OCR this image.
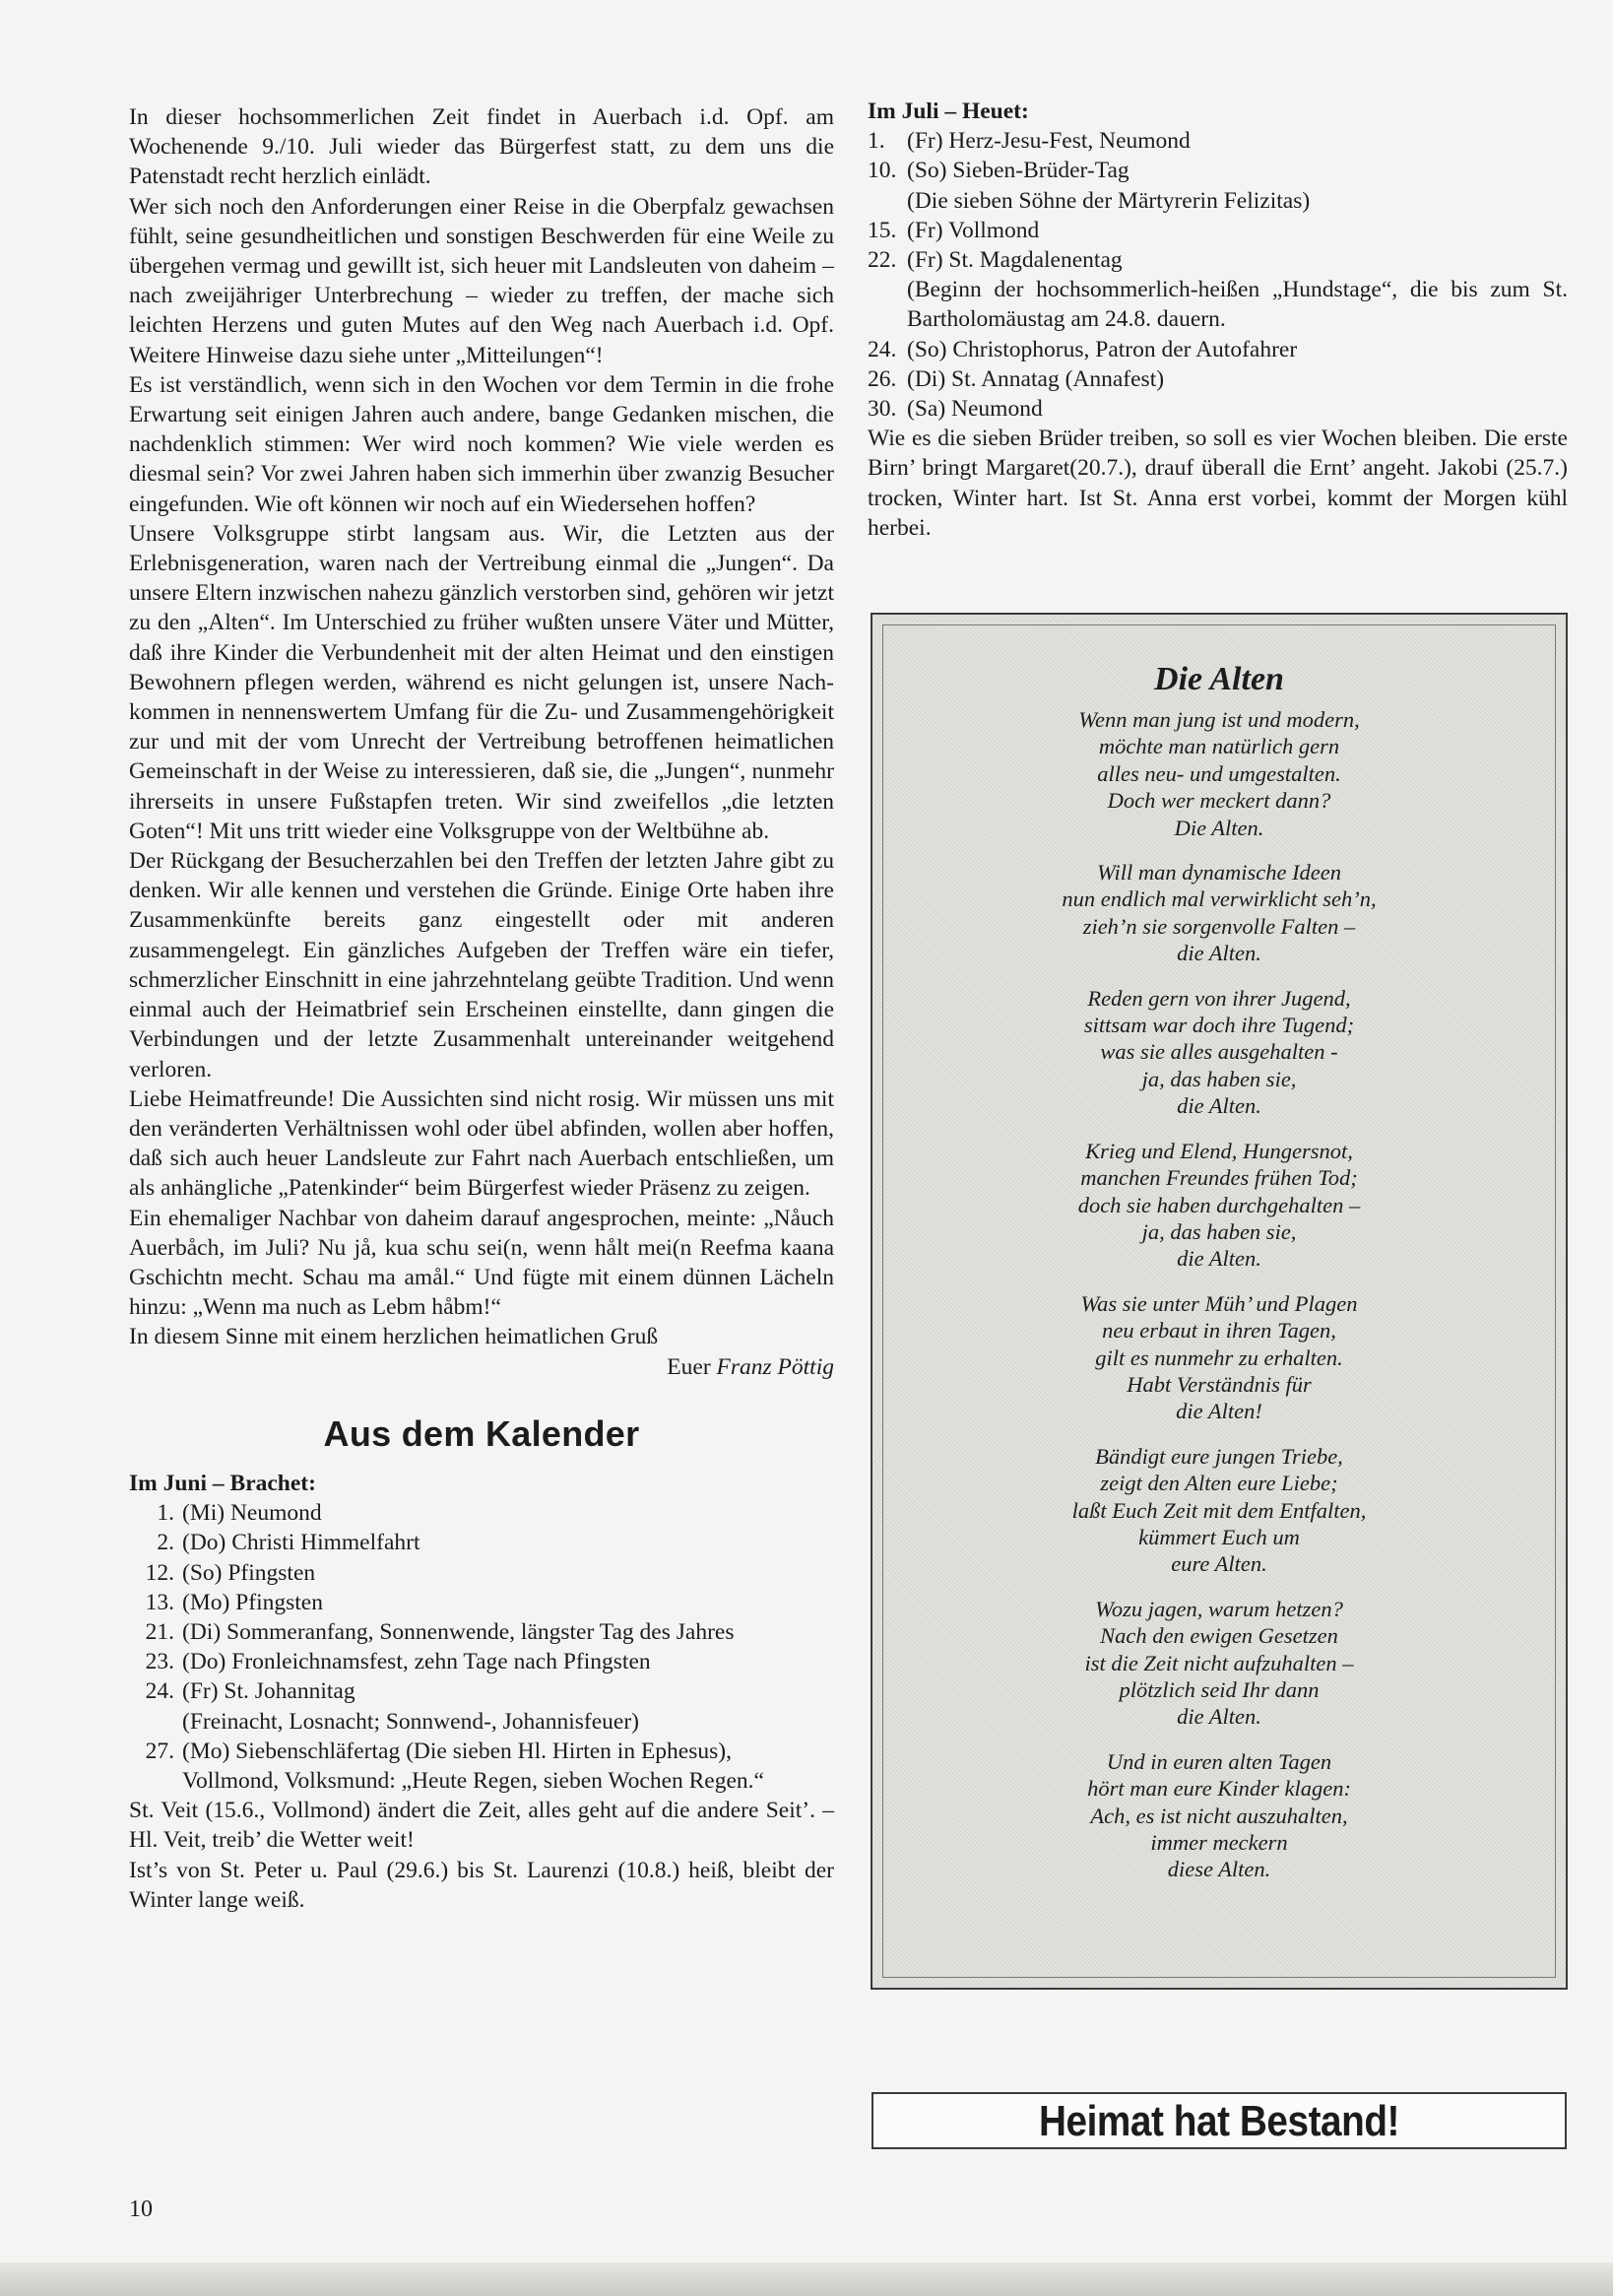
In dieser hochsommerlichen Zeit findet in Auerbach i.d. Opf. am Wochenende 9./10. Juli wieder das Bürgerfest statt, zu dem uns die Patenstadt recht herzlich einlädt.

Wer sich noch den Anforderungen einer Reise in die Oberpfalz gewachsen fühlt, seine gesundheitlichen und sonstigen Beschwerden für eine Weile zu übergehen vermag und gewillt ist, sich heuer mit Landsleuten von daheim – nach zweijähriger Unterbrechung – wieder zu treffen, der mache sich leichten Herzens und guten Mutes auf den Weg nach Auerbach i.d. Opf. Weitere Hinweise dazu siehe unter „Mitteilungen“!

Es ist verständlich, wenn sich in den Wochen vor dem Termin in die frohe Erwartung seit einigen Jahren auch andere, bange Gedanken mischen, die nachdenklich stimmen: Wer wird noch kommen? Wie viele werden es diesmal sein? Vor zwei Jahren haben sich immerhin über zwanzig Besucher eingefunden. Wie oft können wir noch auf ein Wiedersehen hoffen?

Unsere Volksgruppe stirbt langsam aus. Wir, die Letzten aus der Erlebnisgeneration, waren nach der Vertreibung einmal die „Jungen“. Da unsere Eltern inzwischen nahezu gänzlich verstorben sind, gehören wir jetzt zu den „Alten“. Im Unterschied zu früher wußten unsere Väter und Mütter, daß ihre Kinder die Verbundenheit mit der alten Heimat und den einstigen Bewohnern pflegen werden, während es nicht gelungen ist, unsere Nachkommen in nennenswertem Umfang für die Zu- und Zusammengehörigkeit zur und mit der vom Unrecht der Vertreibung betroffenen heimatlichen Gemeinschaft in der Weise zu interessieren, daß sie, die „Jungen“, nunmehr ihrerseits in unsere Fußstapfen treten. Wir sind zweifellos „die letzten Goten“! Mit uns tritt wieder eine Volksgruppe von der Weltbühne ab.

Der Rückgang der Besucherzahlen bei den Treffen der letzten Jahre gibt zu denken. Wir alle kennen und verstehen die Gründe. Einige Orte haben ihre Zusammenkünfte bereits ganz eingestellt oder mit anderen zusammengelegt. Ein gänzliches Aufgeben der Treffen wäre ein tiefer, schmerzlicher Einschnitt in eine jahrzehntelang geübte Tradition. Und wenn einmal auch der Heimatbrief sein Erscheinen einstellte, dann gingen die Verbindungen und der letzte Zusammenhalt untereinander weitgehend verloren.

Liebe Heimatfreunde! Die Aussichten sind nicht rosig. Wir müssen uns mit den veränderten Verhältnissen wohl oder übel abfinden, wollen aber hoffen, daß sich auch heuer Landsleute zur Fahrt nach Auerbach entschließen, um als anhängliche „Patenkinder“ beim Bürgerfest wieder Präsenz zu zeigen.

Ein ehemaliger Nachbar von daheim darauf angesprochen, meinte: „Nåuch Auerbåch, im Juli? Nu jå, kua schu sei(n, wenn hålt mei(n Reefma kaana Gschichtn mecht. Schau ma amål.“ Und fügte mit einem dünnen Lächeln hinzu: „Wenn ma nuch as Lebm håbm!“

In diesem Sinne mit einem herzlichen heimatlichen Gruß

Euer Franz Pöttig

Aus dem Kalender

Im Juni – Brachet:

1. (Mi) Neumond
2. (Do) Christi Himmelfahrt
12. (So) Pfingsten
13. (Mo) Pfingsten
21. (Di) Sommeranfang, Sonnenwende, längster Tag des Jahres
23. (Do) Fronleichnamsfest, zehn Tage nach Pfingsten
24. (Fr) St. Johannitag
(Freinacht, Losnacht; Sonnwend-, Johannisfeuer)
27. (Mo) Siebenschläfertag (Die sieben Hl. Hirten in Ephesus),
Vollmond, Volksmund: „Heute Regen, sieben Wochen Regen.“

St. Veit (15.6., Vollmond) ändert die Zeit, alles geht auf die andere Seit’. – Hl. Veit, treib’ die Wetter weit!

Ist’s von St. Peter u. Paul (29.6.) bis St. Laurenzi (10.8.) heiß, bleibt der Winter lange weiß.

Im Juli – Heuet:

1. (Fr) Herz-Jesu-Fest, Neumond
10. (So) Sieben-Brüder-Tag
(Die sieben Söhne der Märtyrerin Felizitas)
15. (Fr) Vollmond
22. (Fr) St. Magdalenentag
(Beginn der hochsommerlich-heißen „Hundstage“, die bis zum St. Bartholomäustag am 24.8. dauern.
24. (So) Christophorus, Patron der Autofahrer
26. (Di) St. Annatag (Annafest)
30. (Sa) Neumond

Wie es die sieben Brüder treiben, so soll es vier Wochen bleiben. Die erste Birn’ bringt Margaret(20.7.), drauf überall die Ernt’ angeht. Jakobi (25.7.) trocken, Winter hart. Ist St. Anna erst vorbei, kommt der Morgen kühl herbei.

Die Alten
Wenn man jung ist und modern,
möchte man natürlich gern
alles neu- und umgestalten.
Doch wer meckert dann?
Die Alten.
Will man dynamische Ideen
nun endlich mal verwirklicht seh’n,
zieh’n sie sorgenvolle Falten –
die Alten.
Reden gern von ihrer Jugend,
sittsam war doch ihre Tugend;
was sie alles ausgehalten -
ja, das haben sie,
die Alten.
Krieg und Elend, Hungersnot,
manchen Freundes frühen Tod;
doch sie haben durchgehalten –
ja, das haben sie,
die Alten.
Was sie unter Müh’ und Plagen
neu erbaut in ihren Tagen,
gilt es nunmehr zu erhalten.
Habt Verständnis für
die Alten!
Bändigt eure jungen Triebe,
zeigt den Alten eure Liebe;
laßt Euch Zeit mit dem Entfalten,
kümmert Euch um
eure Alten.
Wozu jagen, warum hetzen?
Nach den ewigen Gesetzen
ist die Zeit nicht aufzuhalten –
plötzlich seid Ihr dann
die Alten.
Und in euren alten Tagen
hört man eure Kinder klagen:
Ach, es ist nicht auszuhalten,
immer meckern
diese Alten.
Heimat hat Bestand!
10
